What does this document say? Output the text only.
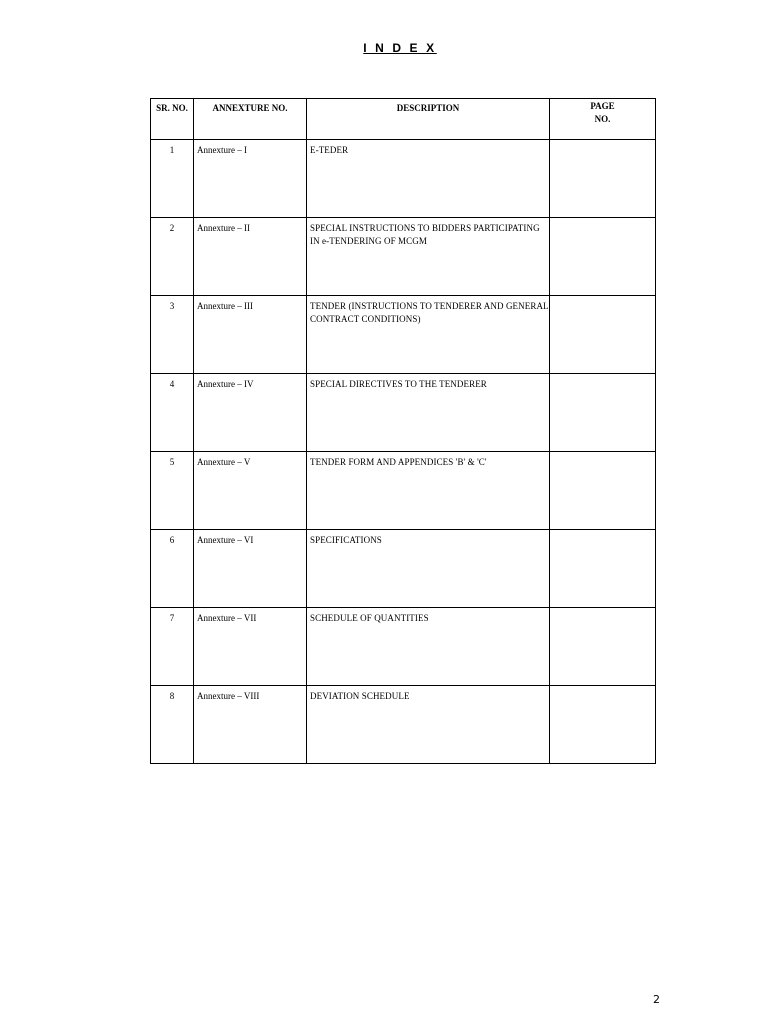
I N D E X
SR. NO.	ANNEXTURE NO.	DESCRIPTION	PAGE
NO.
1	Annexture – I	E-TEDER	
2	Annexture – II	SPECIAL INSTRUCTIONS TO BIDDERS PARTICIPATING IN e-TENDERING OF MCGM	
3	Annexture – III	TENDER (INSTRUCTIONS TO TENDERER AND GENERAL CONTRACT CONDITIONS)	
4	Annexture – IV	SPECIAL DIRECTIVES TO THE TENDERER	
5	Annexture – V	TENDER FORM AND APPENDICES 'B' & 'C'	
6	Annexture – VI	SPECIFICATIONS	
7	Annexture – VII	SCHEDULE OF QUANTITIES	
8	Annexture – VIII	DEVIATION SCHEDULE	
2
